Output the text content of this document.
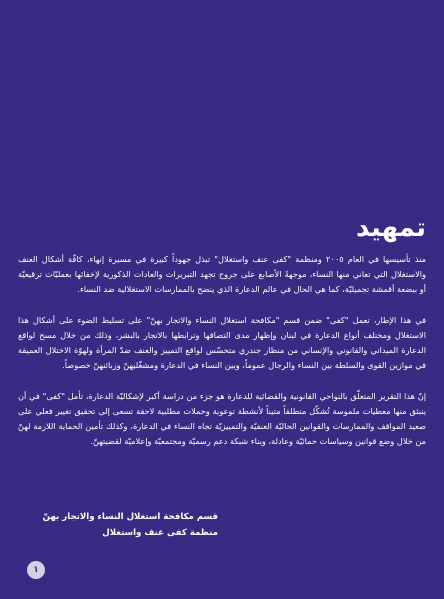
تمهيد

منذ تأسيسها في العام ٢٠٠٥ ومنظمة "كفى عنف واستغلال" تبذل جهوداً كبيرة في مسيرة إنهاء، كافّة أشكال العنف والاستغلال التي تعاني منها النساء، موجهةً الأصابع على جروح تجهد التبريرات والعادات الذكورية لإخفائها بعمليّات ترقيعيّة أو ببضعة أقمشة تجميليّة، كما هي الحال في عالم الدعارة الذي ينضح بالممارسات الاستغلالية ضد النساء.

في هذا الإطار، تعمل "كفى" ضمن قسم "مكافحة استغلال النساء والاتجار بهنّ" على تسليط الضوء على أشكال هذا الاستغلال ومختلف أنواع الدعارة في لبنان وإظهار مدى التصاقها وترابطها بالاتجار بالبشر، وذلك من خلال مسح لواقع الدعارة الميداني والقانوني والإنساني من منظار جندري متحسّس لواقع التمييز والعنف ضدّ المرأة ولهوّة الاختلال العميقة في موازين القوى والسلطة بين النساء والرجال عموماً، وبين النساء في الدعارة ومشغّليهنّ وزبائنهنّ خصوصاً.

إنّ هذا التقرير المتعلّق بالنواحي القانونية والقضائية للدعارة هو جزء من دراسة أكبر لإشكاليّة الدعارة، تأمل "كفى" في أن ينبثق منها معطيات ملموسة تُشكّل منطلقاً متيناً لأنشطة توعوية وحملات مطلبية لاحقة تسعى إلى تحقيق تغيير فعلي على صعيد المواقف والممارسات والقوانين الحاليّة العنفيّة والتمييزيّة تجاه النساء في الدعارة، وكذلك تأمين الحماية اللازمة لهنّ من خلال وضع قوانين وسياسات حمائيّة وعادلة، وبناء شبكة دعم رسميّة ومجتمعيّة وإعلاميّة لقضيتهنّ.

قسم مكافحة استغلال النساء والاتجار بهنّ
منظمة كفى عنف واستغلال
١
